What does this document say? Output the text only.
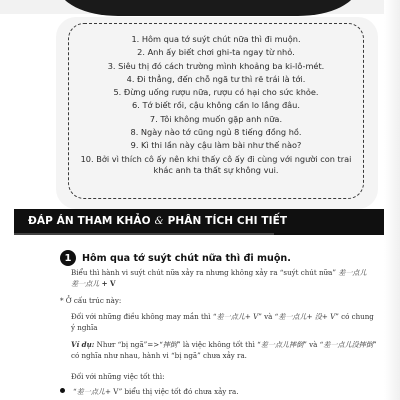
1. Hôm qua tớ suýt chút nữa thì đi muộn.
2. Anh ấy biết chơi ghi-ta ngay từ nhỏ.
3. Siêu thị đó cách trường mình khoảng ba ki-lô-mét.
4. Đi thẳng, đến chỗ ngã tư thì rẽ trái là tới.
5. Đừng uống rượu nữa, rượu có hại cho sức khỏe.
6. Tớ biết rồi, cậu không cần lo lắng đâu.
7. Tôi không muốn gặp anh nữa.
8. Ngày nào tớ cũng ngủ 8 tiếng đồng hồ.
9. Kì thi lần này cậu làm bài như thế nào?
10. Bởi vì thích cô ấy nên khi thấy cô ấy đi cùng với người con trai khác anh ta thất sự không vui.
ĐÁP ÁN THAM KHẢO & PHÂN TÍCH CHI TIẾT
1	Hôm qua tớ suýt chút nữa thì đi muộn.
Biểu thì hành vi suýt chút nữa xảy ra nhưng không xảy ra “suýt chút nữa” 差一点儿
差一点儿 + V
* Ở cấu trúc này:
Đối với những điều không may mắn thì “差一点儿+ V” và “差一点儿+ 没+ V” có chung ý nghĩa
Ví dụ: Nhưr “bị ngã”=>“摔倒” là việc không tốt thì “差一点儿摔倒” và “差一点儿没摔倒” có nghĩa như nhau, hành vi “bị ngã” chưa xảy ra.
Đối với những việc tốt thì:
“差一点儿+ V” biểu thị việc tốt đó chưa xảy ra.
